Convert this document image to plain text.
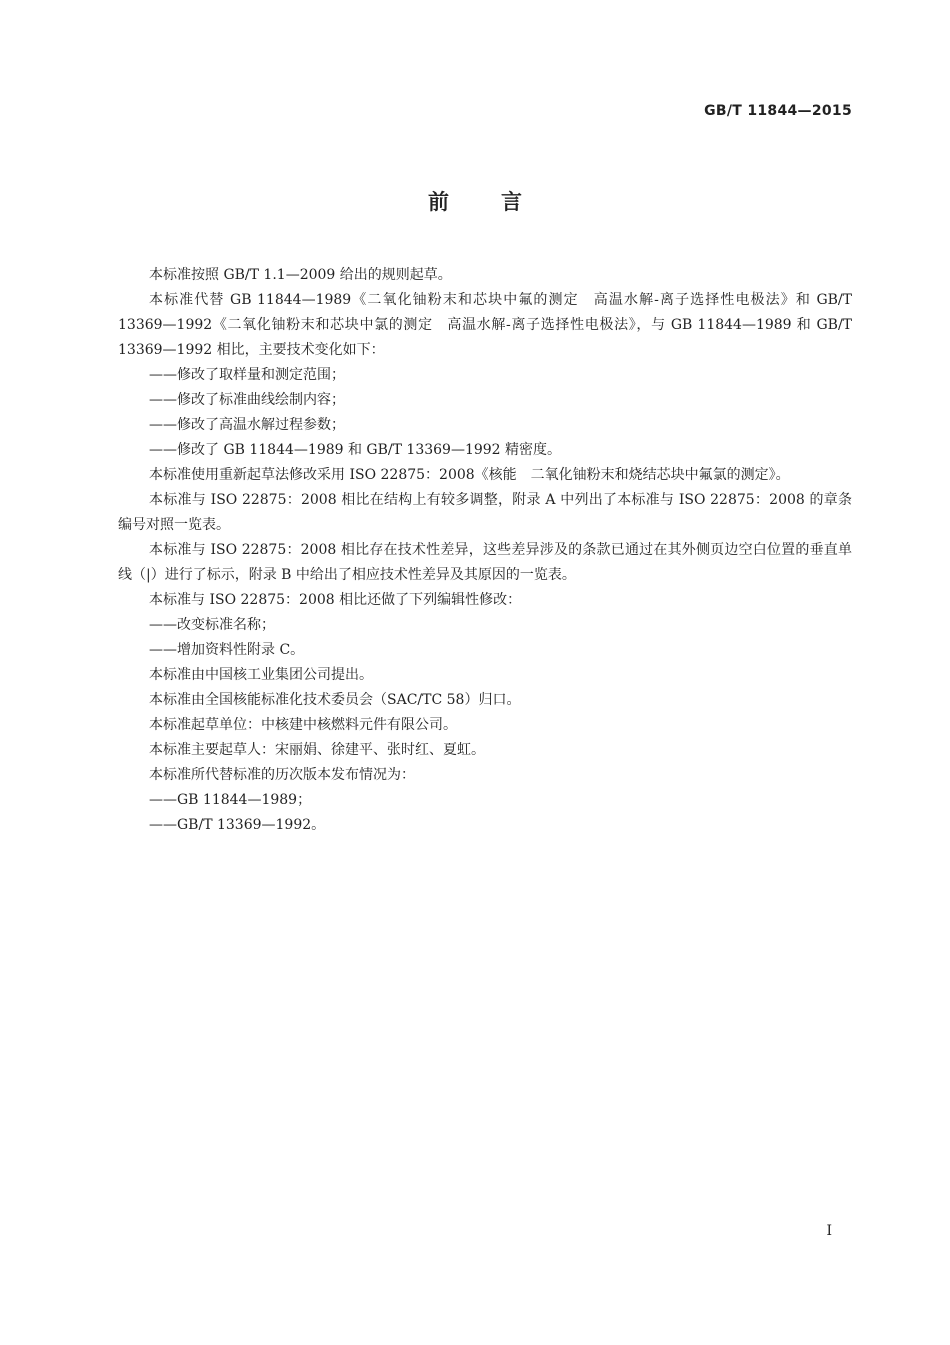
GB/T 11844—2015
前言

本标准按照 GB/T 1.1—2009 给出的规则起草。

本标准代替 GB 11844—1989《二氧化铀粉末和芯块中氟的测定　高温水解-离子选择性电极法》和 GB/T 13369—1992《二氧化铀粉末和芯块中氯的测定　高温水解-离子选择性电极法》，与 GB 11844—1989 和 GB/T 13369—1992 相比，主要技术变化如下：

——修改了取样量和测定范围；

——修改了标准曲线绘制内容；

——修改了高温水解过程参数；

——修改了 GB 11844—1989 和 GB/T 13369—1992 精密度。

本标准使用重新起草法修改采用 ISO 22875：2008《核能　二氧化铀粉末和烧结芯块中氟氯的测定》。

本标准与 ISO 22875：2008 相比在结构上有较多调整，附录 A 中列出了本标准与 ISO 22875：2008 的章条编号对照一览表。

本标准与 ISO 22875：2008 相比存在技术性差异，这些差异涉及的条款已通过在其外侧页边空白位置的垂直单线（|）进行了标示，附录 B 中给出了相应技术性差异及其原因的一览表。

本标准与 ISO 22875：2008 相比还做了下列编辑性修改：

——改变标准名称；

——增加资料性附录 C。

本标准由中国核工业集团公司提出。

本标准由全国核能标准化技术委员会（SAC/TC 58）归口。

本标准起草单位：中核建中核燃料元件有限公司。

本标准主要起草人：宋丽娟、徐建平、张时红、夏虹。

本标准所代替标准的历次版本发布情况为：

——GB 11844—1989；

——GB/T 13369—1992。

I
